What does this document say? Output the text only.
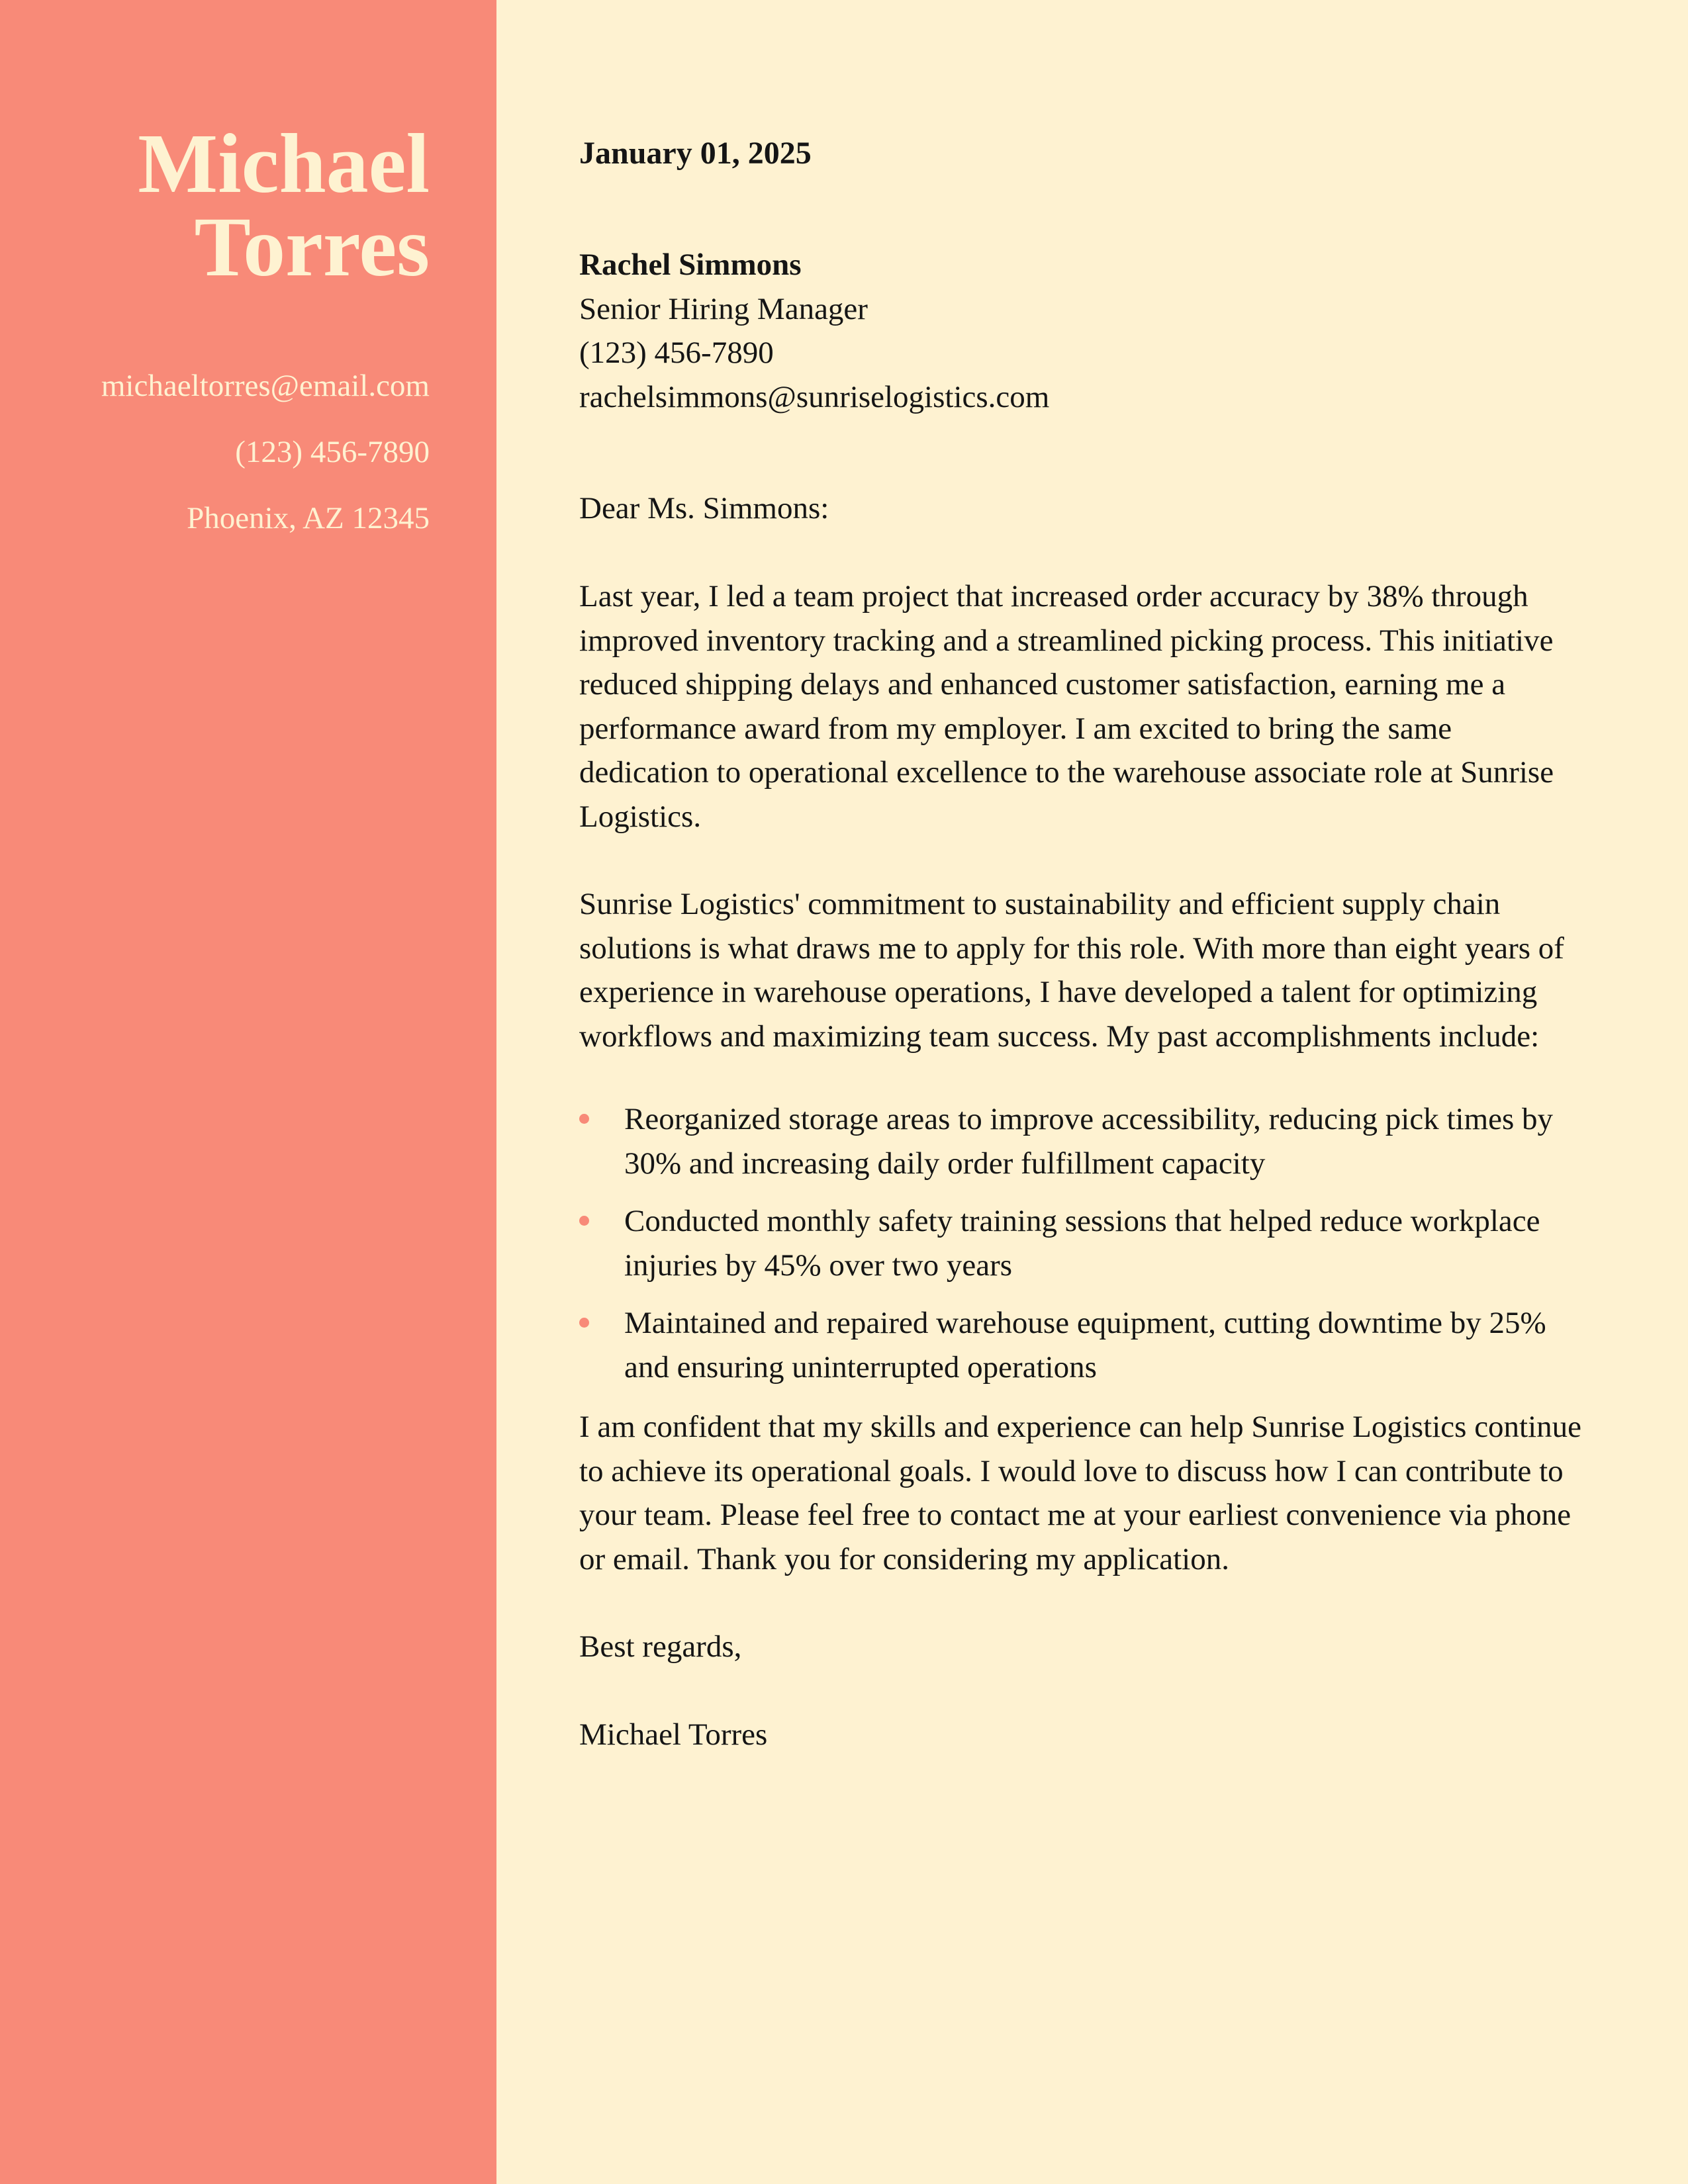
Michael
Torres
michaeltorres@email.com
(123) 456-7890
Phoenix, AZ 12345
January 01, 2025
Rachel Simmons
Senior Hiring Manager
(123) 456-7890
rachelsimmons@sunriselogistics.com

Dear Ms. Simmons:

Last year, I led a team project that increased order accuracy by 38% through improved inventory tracking and a streamlined picking process. This initiative reduced shipping delays and enhanced customer satisfaction, earning me a performance award from my employer. I am excited to bring the same dedication to operational excellence to the warehouse associate role at Sunrise Logistics.

Sunrise Logistics' commitment to sustainability and efficient supply chain solutions is what draws me to apply for this role. With more than eight years of experience in warehouse operations, I have developed a talent for optimizing workflows and maximizing team success. My past accomplishments include:

Reorganized storage areas to improve accessibility, reducing pick times by 30% and increasing daily order fulfillment capacity
Conducted monthly safety training sessions that helped reduce workplace injuries by 45% over two years
Maintained and repaired warehouse equipment, cutting downtime by 25% and ensuring uninterrupted operations

I am confident that my skills and experience can help Sunrise Logistics continue to achieve its operational goals. I would love to discuss how I can contribute to your team. Please feel free to contact me at your earliest convenience via phone or email. Thank you for considering my application.

Best regards,

Michael Torres
